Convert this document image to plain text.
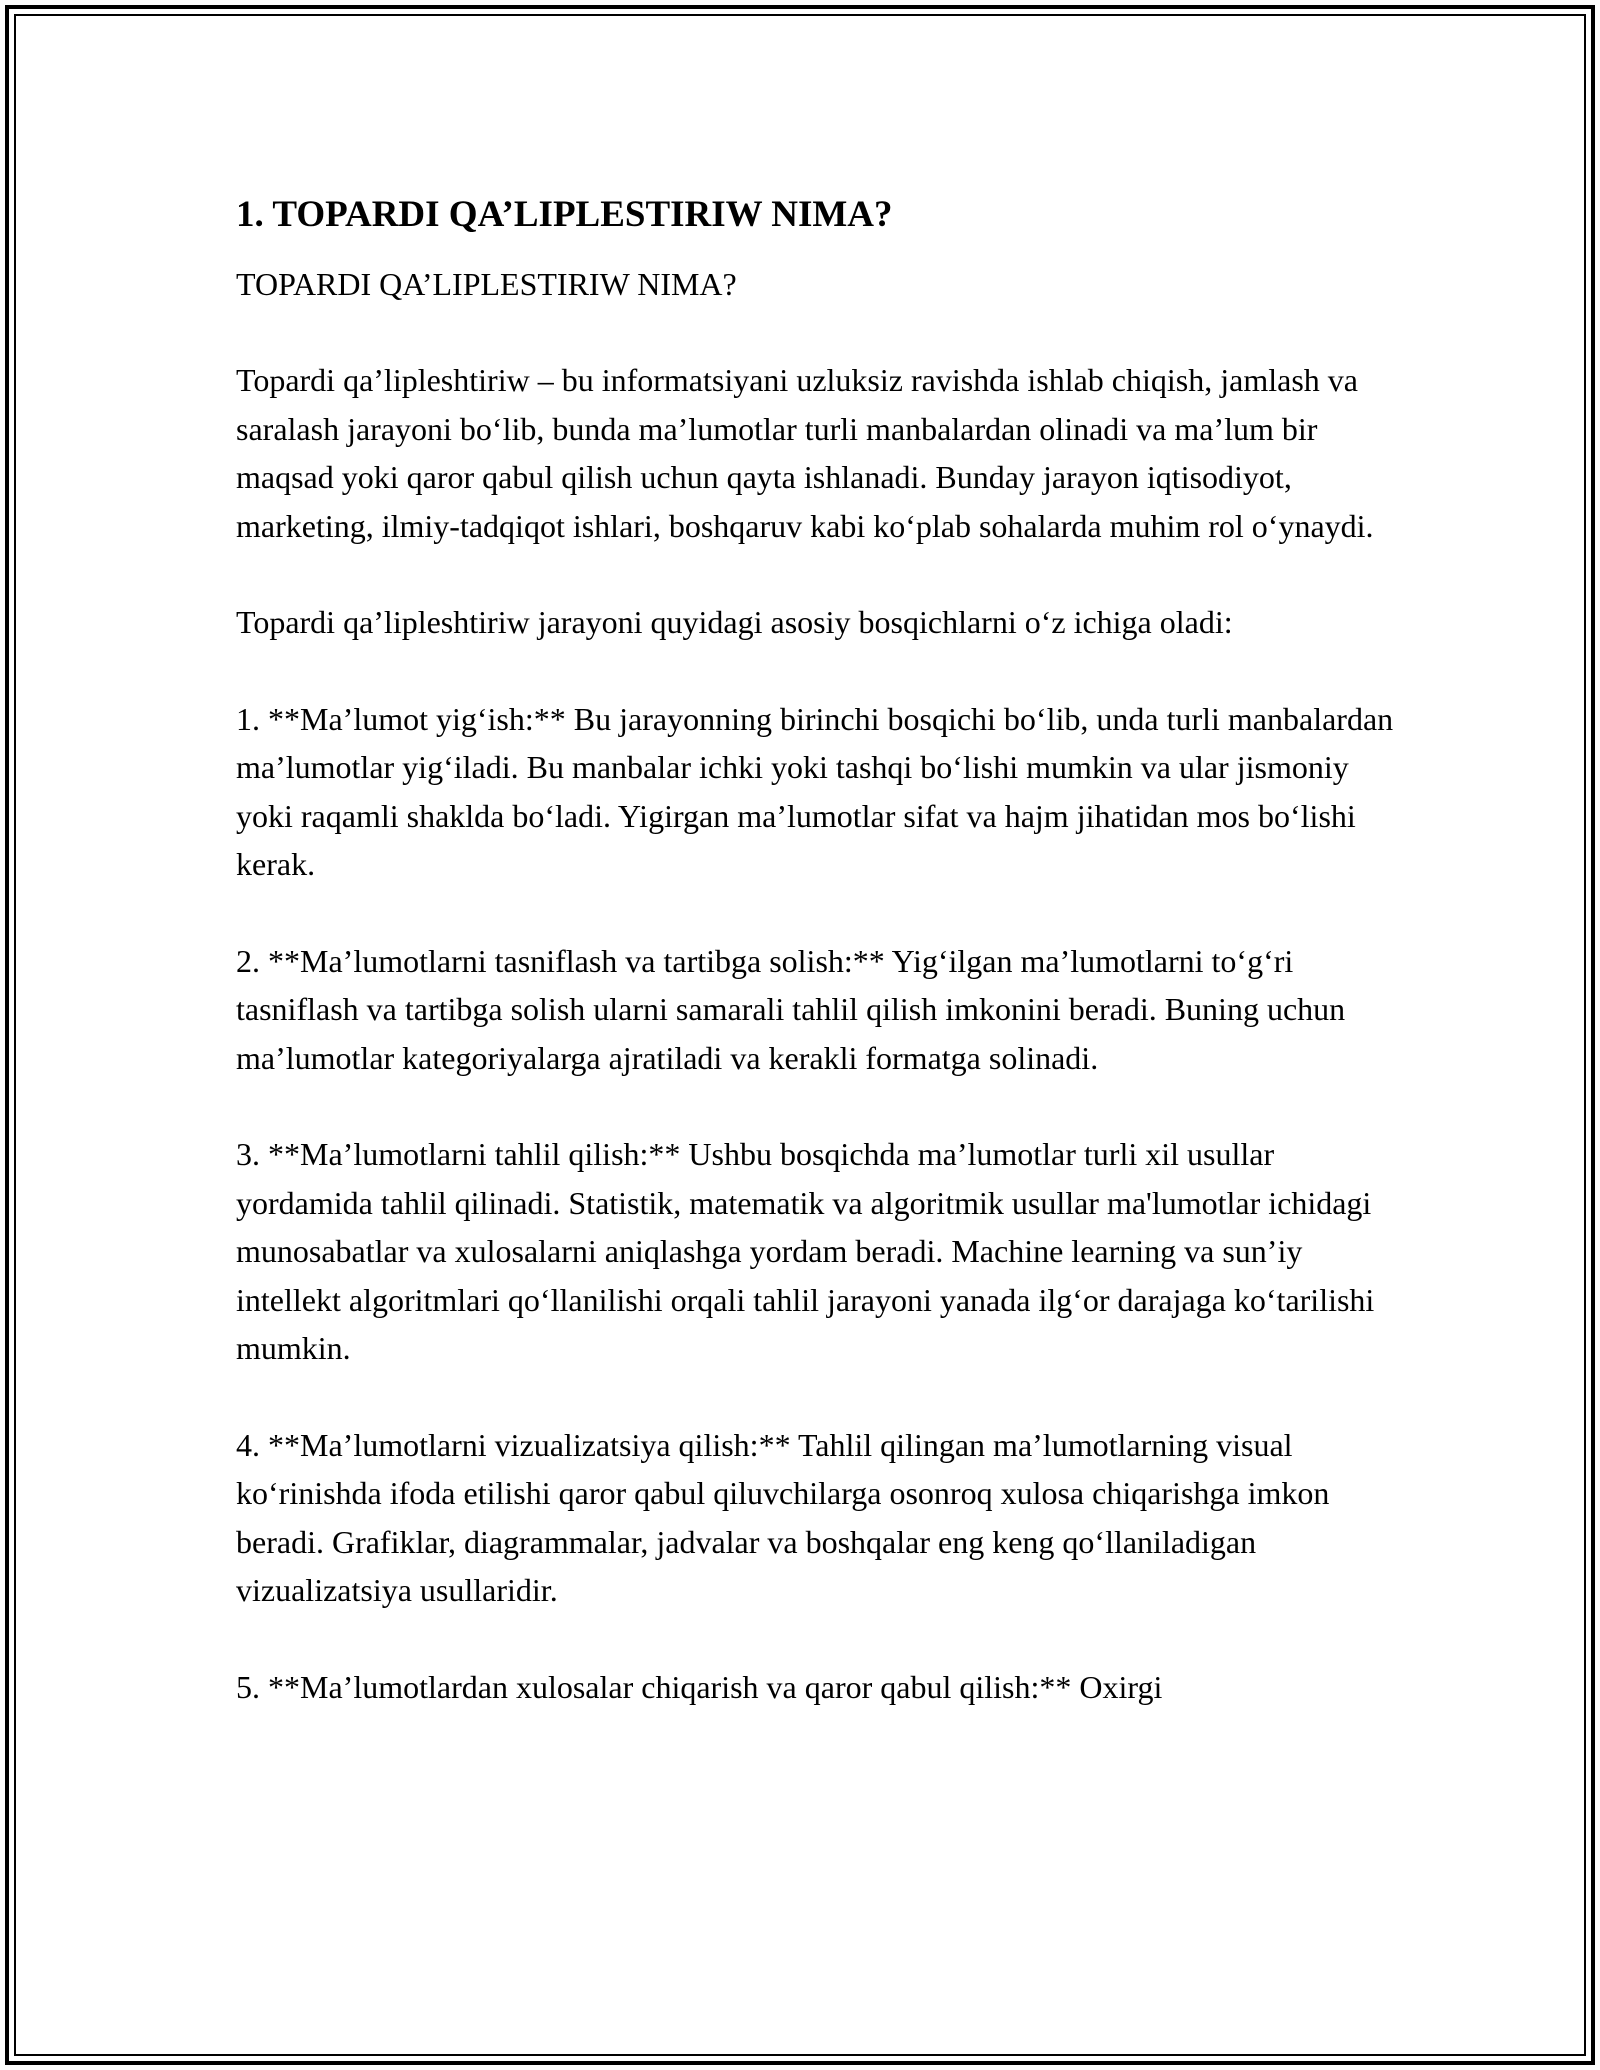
1. TOPARDI QA’LIPLESTIRIW NIMA?

TOPARDI QA’LIPLESTIRIW NIMA?

Topardi qa’lipleshtiriw – bu informatsiyani uzluksiz ravishda ishlab chiqish, jamlash va saralash jarayoni bo‘lib, bunda ma’lumotlar turli manbalardan olinadi va ma’lum bir maqsad yoki qaror qabul qilish uchun qayta ishlanadi. Bunday jarayon iqtisodiyot, marketing, ilmiy-tadqiqot ishlari, boshqaruv kabi ko‘plab sohalarda muhim rol o‘ynaydi.

Topardi qa’lipleshtiriw jarayoni quyidagi asosiy bosqichlarni o‘z ichiga oladi:

1. **Ma’lumot yig‘ish:** Bu jarayonning birinchi bosqichi bo‘lib, unda turli manbalardan ma’lumotlar yig‘iladi. Bu manbalar ichki yoki tashqi bo‘lishi mumkin va ular jismoniy yoki raqamli shaklda bo‘ladi. Yigirgan ma’lumotlar sifat va hajm jihatidan mos bo‘lishi kerak.

2. **Ma’lumotlarni tasniflash va tartibga solish:** Yig‘ilgan ma’lumotlarni to‘g‘ri tasniflash va tartibga solish ularni samarali tahlil qilish imkonini beradi. Buning uchun ma’lumotlar kategoriyalarga ajratiladi va kerakli formatga solinadi.

3. **Ma’lumotlarni tahlil qilish:** Ushbu bosqichda ma’lumotlar turli xil usullar yordamida tahlil qilinadi. Statistik, matematik va algoritmik usullar ma'lumotlar ichidagi munosabatlar va xulosalarni aniqlashga yordam beradi. Machine learning va sun’iy intellekt algoritmlari qo‘llanilishi orqali tahlil jarayoni yanada ilg‘or darajaga ko‘tarilishi mumkin.

4. **Ma’lumotlarni vizualizatsiya qilish:** Tahlil qilingan ma’lumotlarning visual ko‘rinishda ifoda etilishi qaror qabul qiluvchilarga osonroq xulosa chiqarishga imkon beradi. Grafiklar, diagrammalar, jadvalar va boshqalar eng keng qo‘llaniladigan vizualizatsiya usullaridir.

5. **Ma’lumotlardan xulosalar chiqarish va qaror qabul qilish:** Oxirgi
